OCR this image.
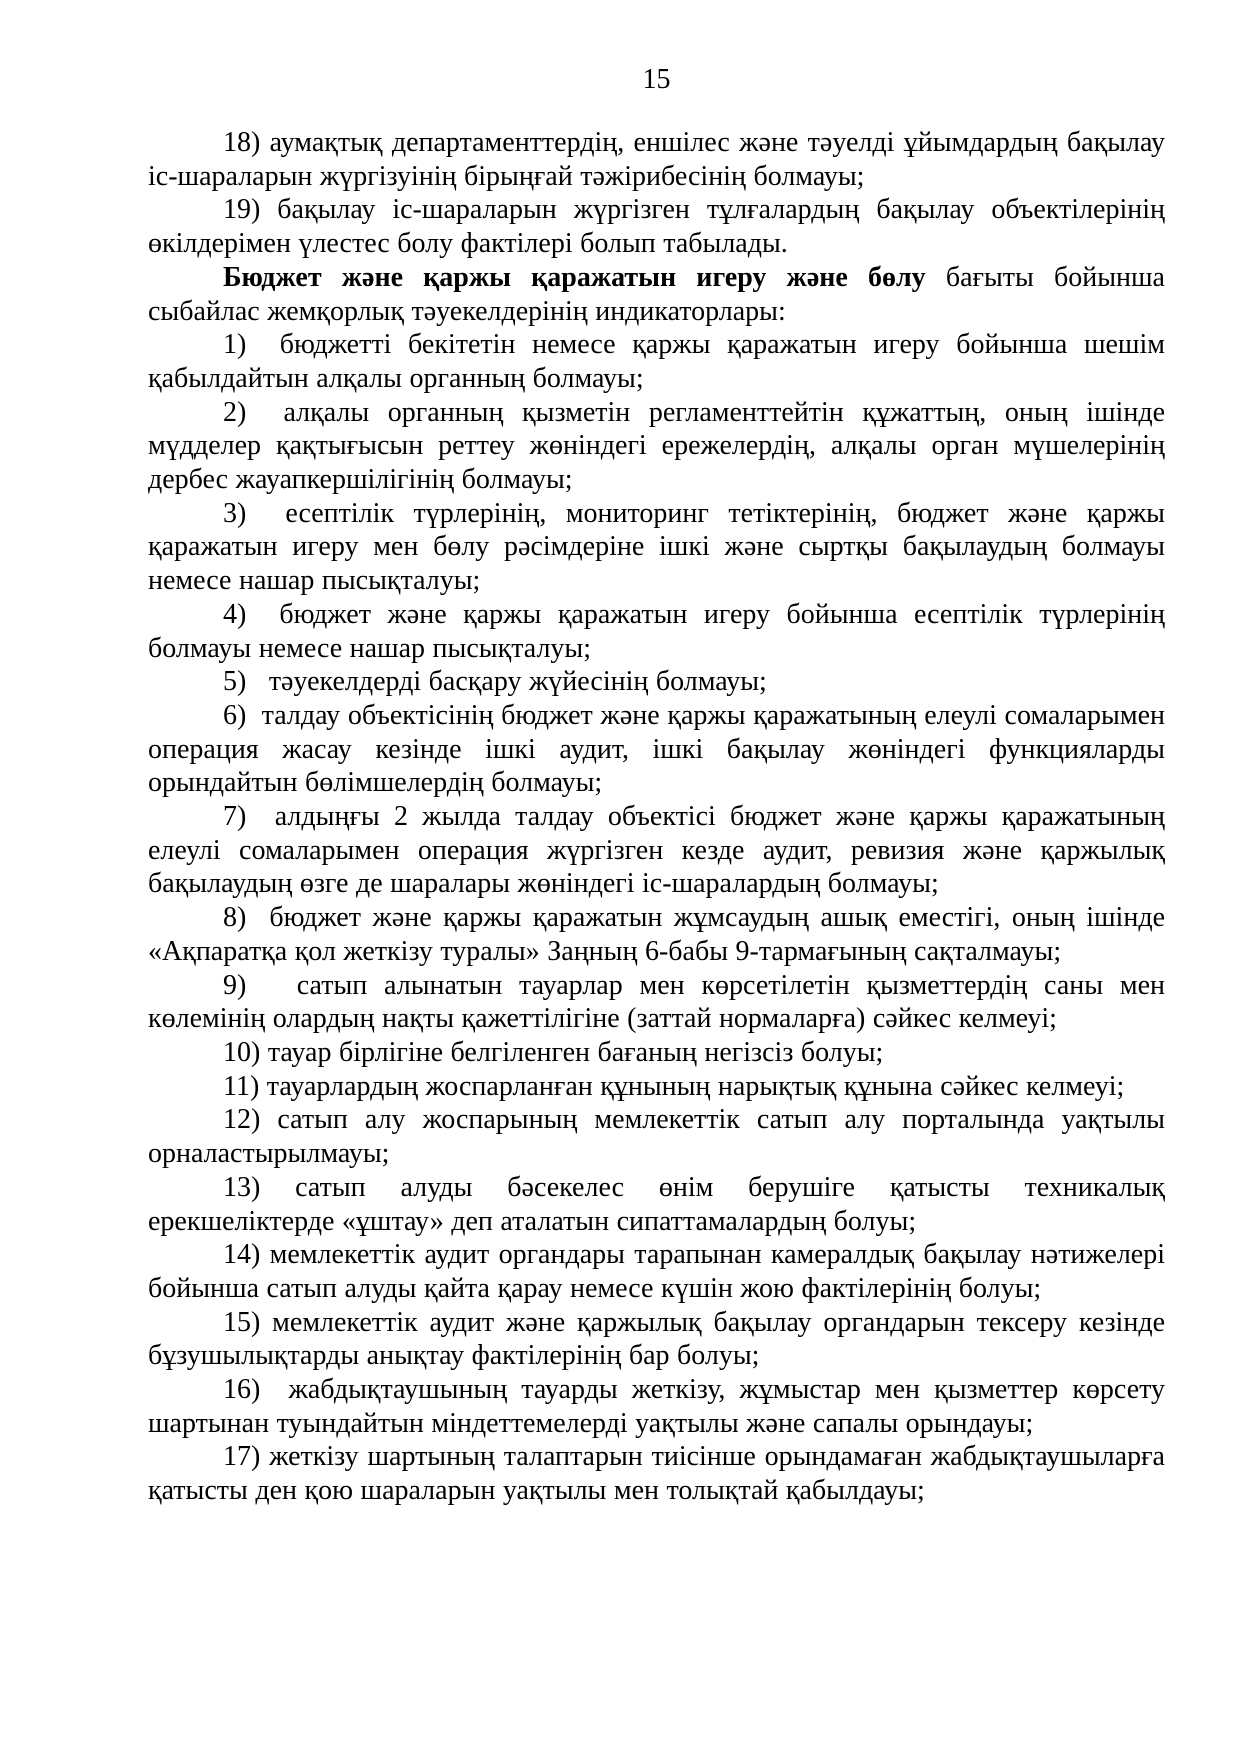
15

18) аумақтық департаменттердің, еншілес және тәуелді ұйымдардың бақылау іс-шараларын жүргізуінің бірыңғай тәжірибесінің болмауы;

19) бақылау іс-шараларын жүргізген тұлғалардың бақылау объектілерінің өкілдерімен үлестес болу фактілері болып табылады.

Бюджет және қаржы қаражатын игеру және бөлу бағыты бойынша сыбайлас жемқорлық тәуекелдерінің индикаторлары:

1)  бюджетті бекітетін немесе қаржы қаражатын игеру бойынша шешім қабылдайтын алқалы органның болмауы;

2)  алқалы органның қызметін регламенттейтін құжаттың, оның ішінде мүдделер қақтығысын реттеу жөніндегі ережелердің, алқалы орган мүшелерінің дербес жауапкершілігінің болмауы;

3)  есептілік түрлерінің, мониторинг тетіктерінің, бюджет және қаржы қаражатын игеру мен бөлу рәсімдеріне ішкі және сыртқы бақылаудың болмауы немесе нашар пысықталуы;

4)  бюджет және қаржы қаражатын игеру бойынша есептілік түрлерінің болмауы немесе нашар пысықталуы;

5)   тәуекелдерді басқару жүйесінің болмауы;

6)  талдау объектісінің бюджет және қаржы қаражатының елеулі сомаларымен операция жасау кезінде ішкі аудит, ішкі бақылау жөніндегі функцияларды орындайтын бөлімшелердің болмауы;

7)  алдыңғы 2 жылда талдау объектісі бюджет және қаржы қаражатының елеулі сомаларымен операция жүргізген кезде аудит, ревизия және қаржылық бақылаудың өзге де шаралары жөніндегі іс-шаралардың болмауы;

8)  бюджет және қаржы қаражатын жұмсаудың ашық еместігі, оның ішінде «Ақпаратқа қол жеткізу туралы» Заңның 6-бабы 9-тармағының сақталмауы;

9)   сатып алынатын тауарлар мен көрсетілетін қызметтердің саны мен көлемінің олардың нақты қажеттілігіне (заттай нормаларға) сәйкес келмеуі;

10) тауар бірлігіне белгіленген бағаның негізсіз болуы;

11) тауарлардың жоспарланған құнының нарықтық құнына сәйкес келмеуі;

12) сатып алу жоспарының мемлекеттік сатып алу порталында уақтылы орналастырылмауы;

13) сатып алуды бәсекелес өнім берушіге қатысты техникалық ерекшеліктерде «ұштау» деп аталатын сипаттамалардың болуы;

14) мемлекеттік аудит органдары тарапынан камералдық бақылау нәтижелері бойынша сатып алуды қайта қарау немесе күшін жою фактілерінің болуы;

15) мемлекеттік аудит және қаржылық бақылау органдарын тексеру кезінде бұзушылықтарды анықтау фактілерінің бар болуы;

16)  жабдықтаушының тауарды жеткізу, жұмыстар мен қызметтер көрсету шартынан туындайтын міндеттемелерді уақтылы және сапалы орындауы;

17) жеткізу шартының талаптарын тиісінше орындамаған жабдықтаушыларға қатысты ден қою шараларын уақтылы мен толықтай қабылдауы;
